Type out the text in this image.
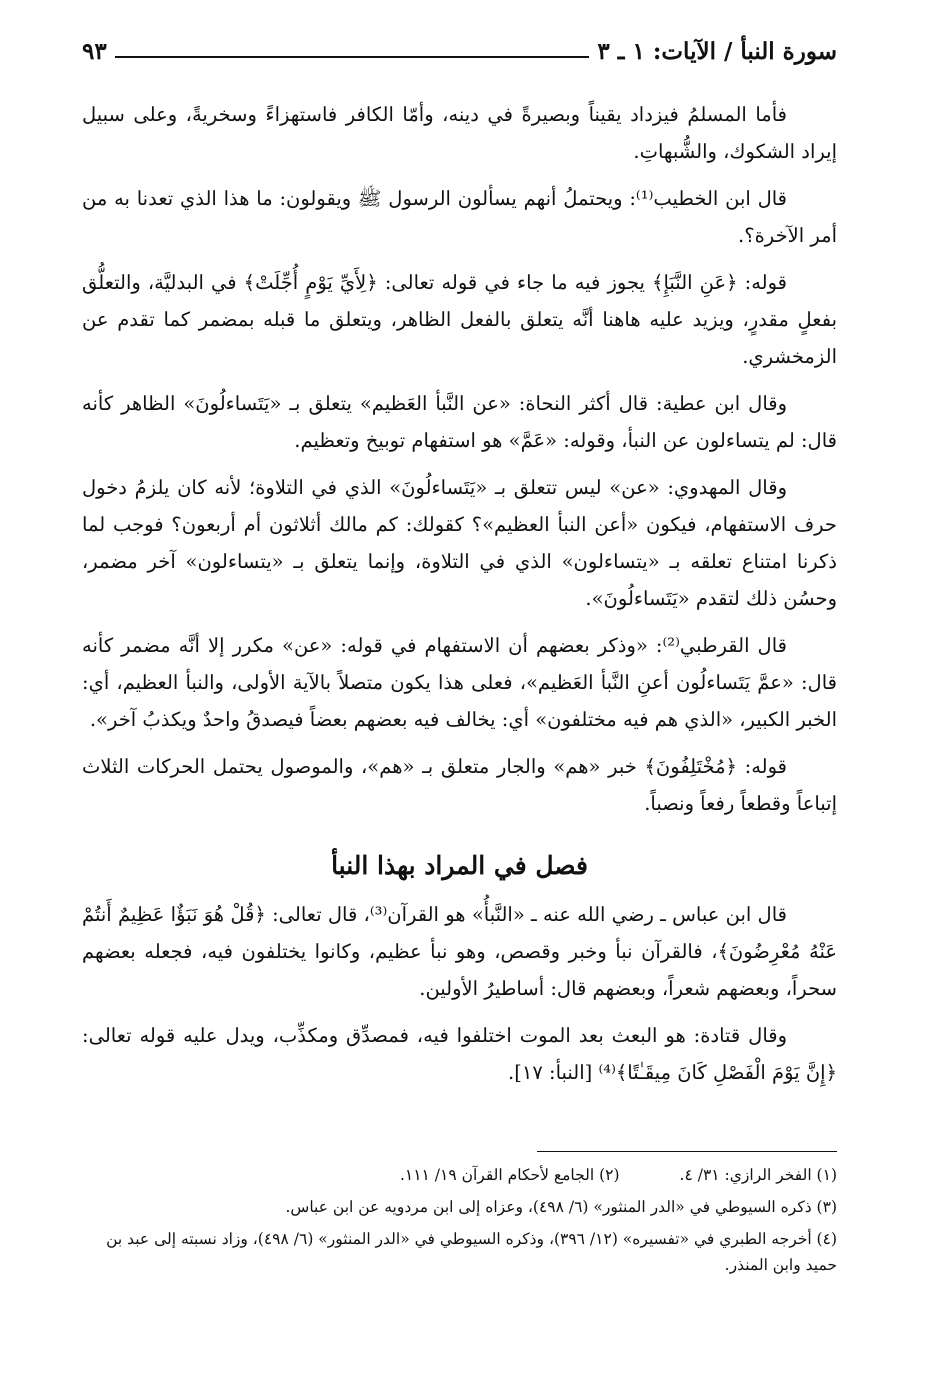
سورة النبأ / الآيات: ١ ـ ٣
٩٣

فأما المسلمُ فيزداد يقيناً وبصيرةً في دينه، وأمّا الكافر فاستهزاءً وسخريةً، وعلى سبيل إيراد الشكوك، والشُّبهاتِ.

قال ابن الخطيب⁽¹⁾: ويحتملُ أنهم يسألون الرسول ﷺ ويقولون: ما هذا الذي تعدنا به من أمر الآخرة؟.

قوله: ﴿عَنِ النَّبَإِ﴾ يجوز فيه ما جاء في قوله تعالى: ﴿لِأَيِّ يَوْمٍ أُجِّلَتْ﴾ في البدليَّة، والتعلُّق بفعلٍ مقدرٍ، ويزيد عليه هاهنا أنَّه يتعلق بالفعل الظاهر، ويتعلق ما قبله بمضمر كما تقدم عن الزمخشري.

وقال ابن عطية: قال أكثر النحاة: «عن النَّبأ العَظيم» يتعلق بـ «يَتَساءلُونَ» الظاهر كأنه قال: لم يتساءلون عن النبأ، وقوله: «عَمَّ» هو استفهام توبيخ وتعظيم.

وقال المهدوي: «عن» ليس تتعلق بـ «يَتَساءلُونَ» الذي في التلاوة؛ لأنه كان يلزمُ دخول حرف الاستفهام، فيكون «أعن النبأ العظيم»؟ كقولك: كم مالك أثلاثون أم أربعون؟ فوجب لما ذكرنا امتناع تعلقه بـ «يتساءلون» الذي في التلاوة، وإنما يتعلق بـ «يتساءلون» آخر مضمر، وحسُن ذلك لتقدم «يَتَساءلُونَ».

قال القرطبي⁽²⁾: «وذكر بعضهم أن الاستفهام في قوله: «عن» مكرر إلا أنَّه مضمر كأنه قال: «عمَّ يَتَساءلُون أعنِ النَّبأ العَظيم»، فعلى هذا يكون متصلاً بالآية الأولى، والنبأ العظيم، أي: الخبر الكبير، «الذي هم فيه مختلفون» أي: يخالف فيه بعضهم بعضاً فيصدقُ واحدٌ ويكذبُ آخر».

قوله: ﴿مُخْتَلِفُونَ﴾ خبر «هم» والجار متعلق بـ «هم»، والموصول يحتمل الحركات الثلاث إتباعاً وقطعاً رفعاً ونصباً.

فصل في المراد بهذا النبأ

قال ابن عباس ـ رضي الله عنه ـ «النَّبأُ» هو القرآن⁽³⁾، قال تعالى: ﴿قُلْ هُوَ نَبَؤٌا عَظِيمٌ أَنتُمْ عَنْهُ مُعْرِضُونَ﴾، فالقرآن نبأ وخبر وقصص، وهو نبأ عظيم، وكانوا يختلفون فيه، فجعله بعضهم سحراً، وبعضهم شعراً، وبعضهم قال: أساطيرُ الأولين.

وقال قتادة: هو البعث بعد الموت اختلفوا فيه، فمصدِّق ومكذِّب، ويدل عليه قوله تعالى: ﴿إِنَّ يَوْمَ الْفَصْلِ كَانَ مِيقَـٰتًا﴾⁽⁴⁾ [النبأ: ١٧].

(١) الفخر الرازي: ٣١/ ٤.
(٢) الجامع لأحكام القرآن ١٩/ ١١١.
(٣) ذكره السيوطي في «الدر المنثور» (٦/ ٤٩٨)، وعزاه إلى ابن مردويه عن ابن عباس.
(٤) أخرجه الطبري في «تفسيره» (١٢/ ٣٩٦)، وذكره السيوطي في «الدر المنثور» (٦/ ٤٩٨)، وزاد نسبته إلى عبد بن حميد وابن المنذر.
